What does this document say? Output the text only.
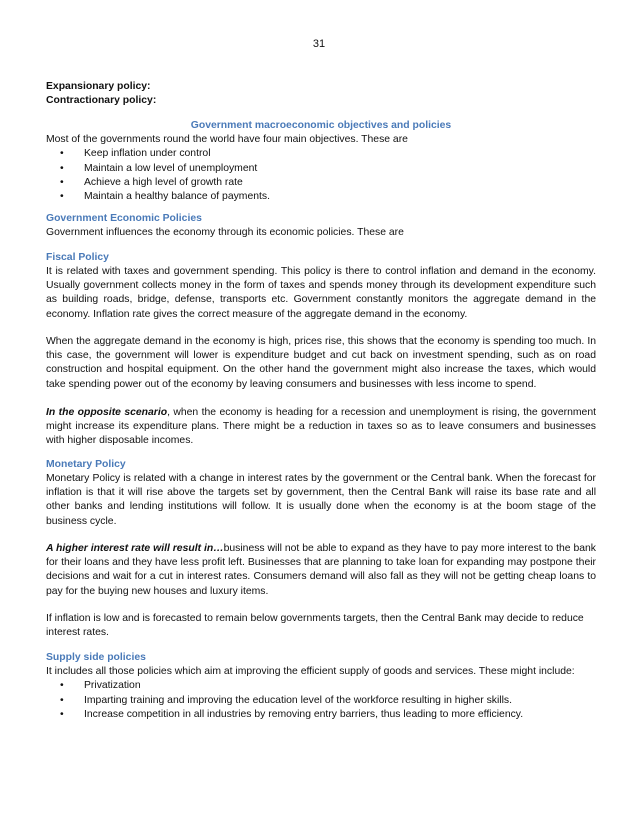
31
Expansionary policy:
Contractionary policy:
Government macroeconomic objectives and policies
Most of the governments round the world have four main objectives. These are
• Keep inflation under control
• Maintain a low level of unemployment
• Achieve a high level of growth rate
• Maintain a healthy balance of payments.
Government Economic Policies
Government influences the economy through its economic policies. These are
Fiscal Policy

It is related with taxes and government spending. This policy is there to control inflation and demand in the economy. Usually government collects money in the form of taxes and spends money through its development expenditure such as building roads, bridge, defense, transports etc. Government constantly monitors the aggregate demand in the economy. Inflation rate gives the correct measure of the aggregate demand in the economy.

When the aggregate demand in the economy is high, prices rise, this shows that the economy is spending too much. In this case, the government will lower is expenditure budget and cut back on investment spending, such as on road construction and hospital equipment. On the other hand the government might also increase the taxes, which would take spending power out of the economy by leaving consumers and businesses with less income to spend.

In the opposite scenario, when the economy is heading for a recession and unemployment is rising, the government might increase its expenditure plans. There might be a reduction in taxes so as to leave consumers and businesses with higher disposable incomes.

Monetary Policy

Monetary Policy is related with a change in interest rates by the government or the Central bank. When the forecast for inflation is that it will rise above the targets set by government, then the Central Bank will raise its base rate and all other banks and lending institutions will follow. It is usually done when the economy is at the boom stage of the business cycle.

A higher interest rate will result in…business will not be able to expand as they have to pay more interest to the bank for their loans and they have less profit left. Businesses that are planning to take loan for expanding may postpone their decisions and wait for a cut in interest rates. Consumers demand will also fall as they will not be getting cheap loans to pay for the buying new houses and luxury items.

If inflation is low and is forecasted to remain below governments targets, then the Central Bank may decide to reduce interest rates.

Supply side policies
It includes all those policies which aim at improving the efficient supply of goods and services. These might include:
• Privatization
• Imparting training and improving the education level of the workforce resulting in higher skills.
• Increase competition in all industries by removing entry barriers, thus leading to more efficiency.
